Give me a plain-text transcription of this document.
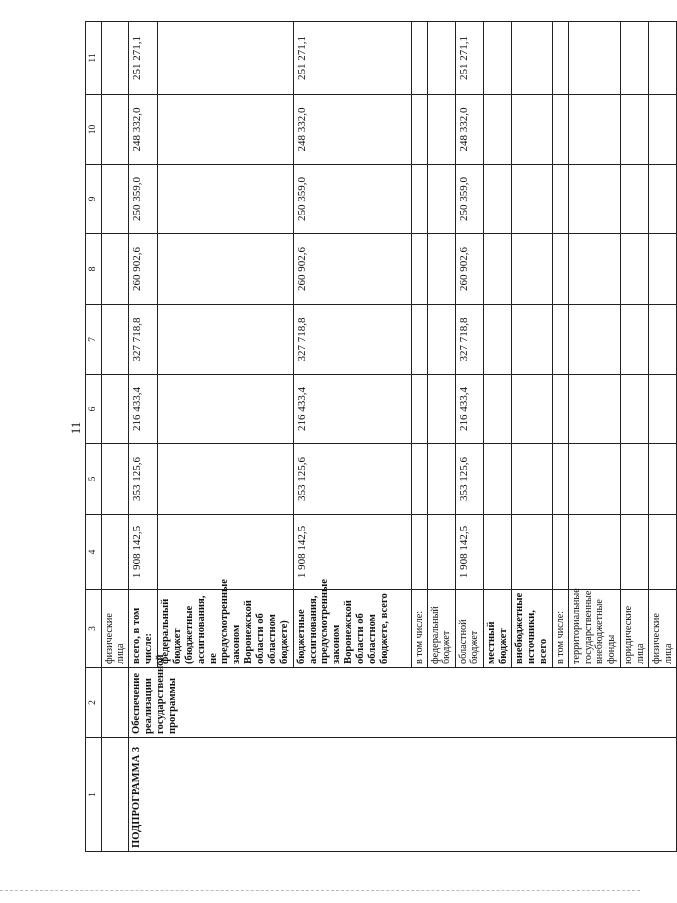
11
1	2	3	4	5	6	7	8	9	10	11
		физические лица								
ПОДПРОГРАММА 3	Обеспечение реализации государственной программы	всего, в том числе:	1 908 142,5	353 125,6	216 433,4	327 718,8	260 902,6	250 359,0	248 332,0	251 271,1
		федеральный бюджет (бюджетные ассигнования, не предусмотренные законом Воронежской области об областном бюджете)								
		бюджетные ассигнования, предусмотренные законом Воронежской области об областном бюджете, всего	1 908 142,5	353 125,6	216 433,4	327 718,8	260 902,6	250 359,0	248 332,0	251 271,1
		в том числе:								
		федеральный бюджет								
		областной бюджет	1 908 142,5	353 125,6	216 433,4	327 718,8	260 902,6	250 359,0	248 332,0	251 271,1
		местный бюджет								
		внебюджетные источники, всего								
		в том числе:								
		территориальные государственные внебюджетные фонды								
		юридические лица								
		физические лица								
